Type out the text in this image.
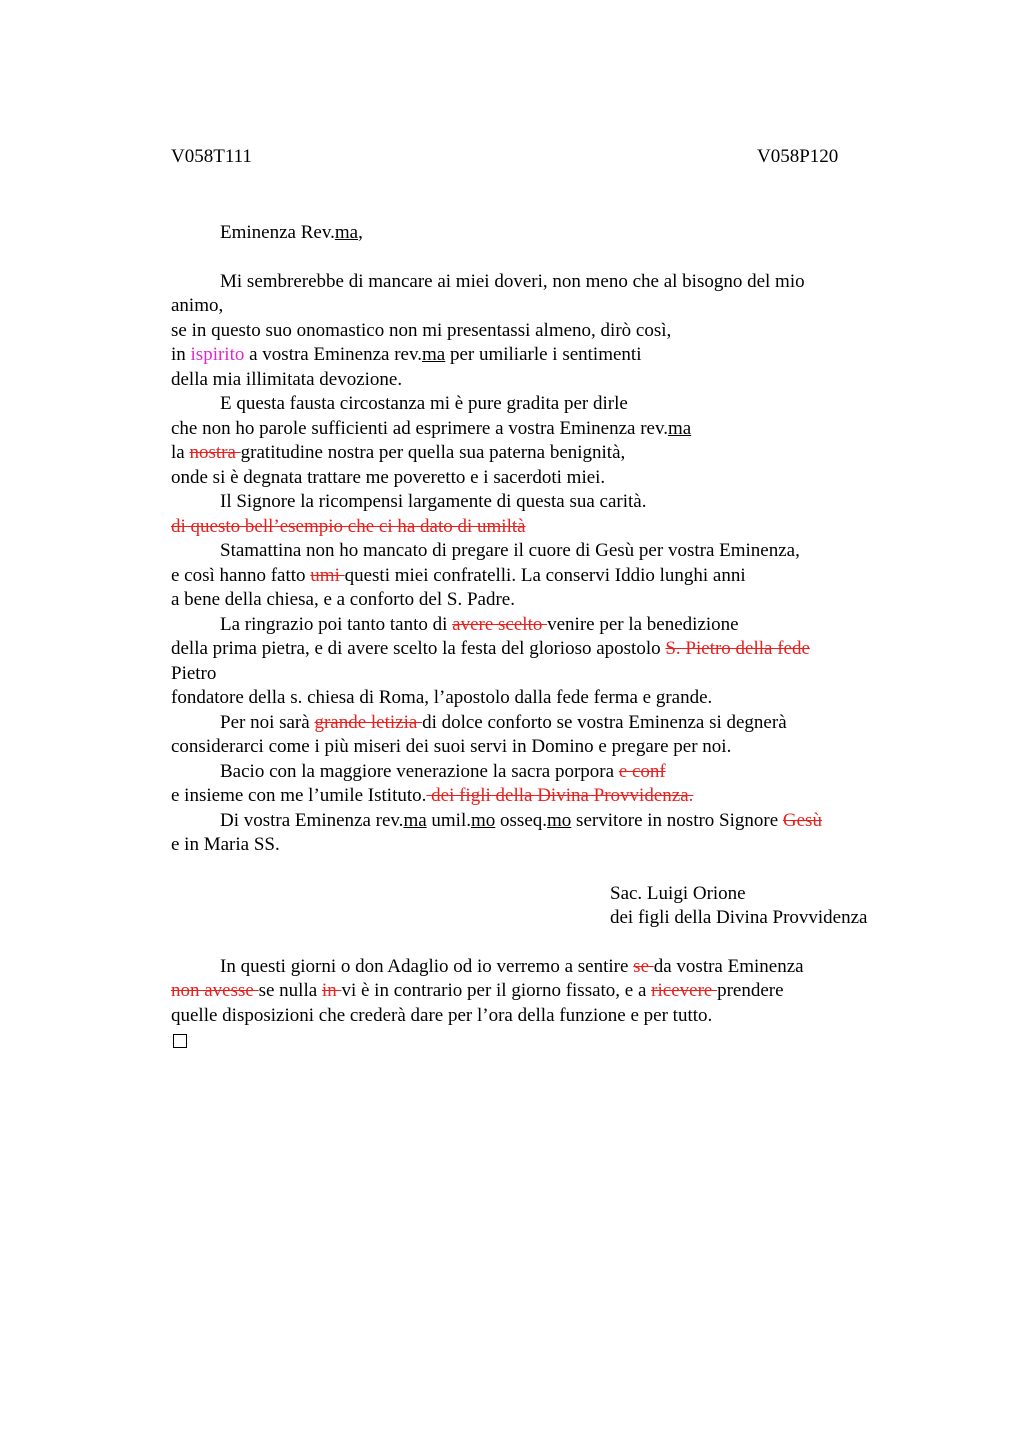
V058T111	V058P120
Eminenza Rev.ma,
Mi sembrerebbe di mancare ai miei doveri, non meno che al bisogno del mio
animo,
se in questo suo onomastico non mi presentassi almeno, dirò così,
in ispirito a vostra Eminenza rev.ma per umiliarle i sentimenti
della mia illimitata devozione.
E questa fausta circostanza mi è pure gradita per dirle
che non ho parole sufficienti ad esprimere a vostra Eminenza rev.ma
la nostra gratitudine nostra per quella sua paterna benignità,
onde si è degnata trattare me poveretto e i sacerdoti miei.
Il Signore la ricompensi largamente di questa sua carità.
di questo bell’esempio che ci ha dato di umiltà
Stamattina non ho mancato di pregare il cuore di Gesù per vostra Eminenza,
e così hanno fatto umi questi miei confratelli. La conservi Iddio lunghi anni
a bene della chiesa, e a conforto del S. Padre.
La ringrazio poi tanto tanto di avere scelto venire per la benedizione
della prima pietra, e di avere scelto la festa del glorioso apostolo S. Pietro della fede
Pietro
fondatore della s. chiesa di Roma, l’apostolo dalla fede ferma e grande.
Per noi sarà grande letizia di dolce conforto se vostra Eminenza si degnerà
considerarci come i più miseri dei suoi servi in Domino e pregare per noi.
Bacio con la maggiore venerazione la sacra porpora e conf
e insieme con me l’umile Istituto. dei figli della Divina Provvidenza.
Di vostra Eminenza rev.ma umil.mo osseq.mo servitore in nostro Signore Gesù
e in Maria SS.
Sac. Luigi Orione
dei figli della Divina Provvidenza
In questi giorni o don Adaglio od io verremo a sentire se da vostra Eminenza
non avesse se nulla in vi è in contrario per il giorno fissato, e a ricevere prendere
quelle disposizioni che crederà dare per l’ora della funzione e per tutto.
